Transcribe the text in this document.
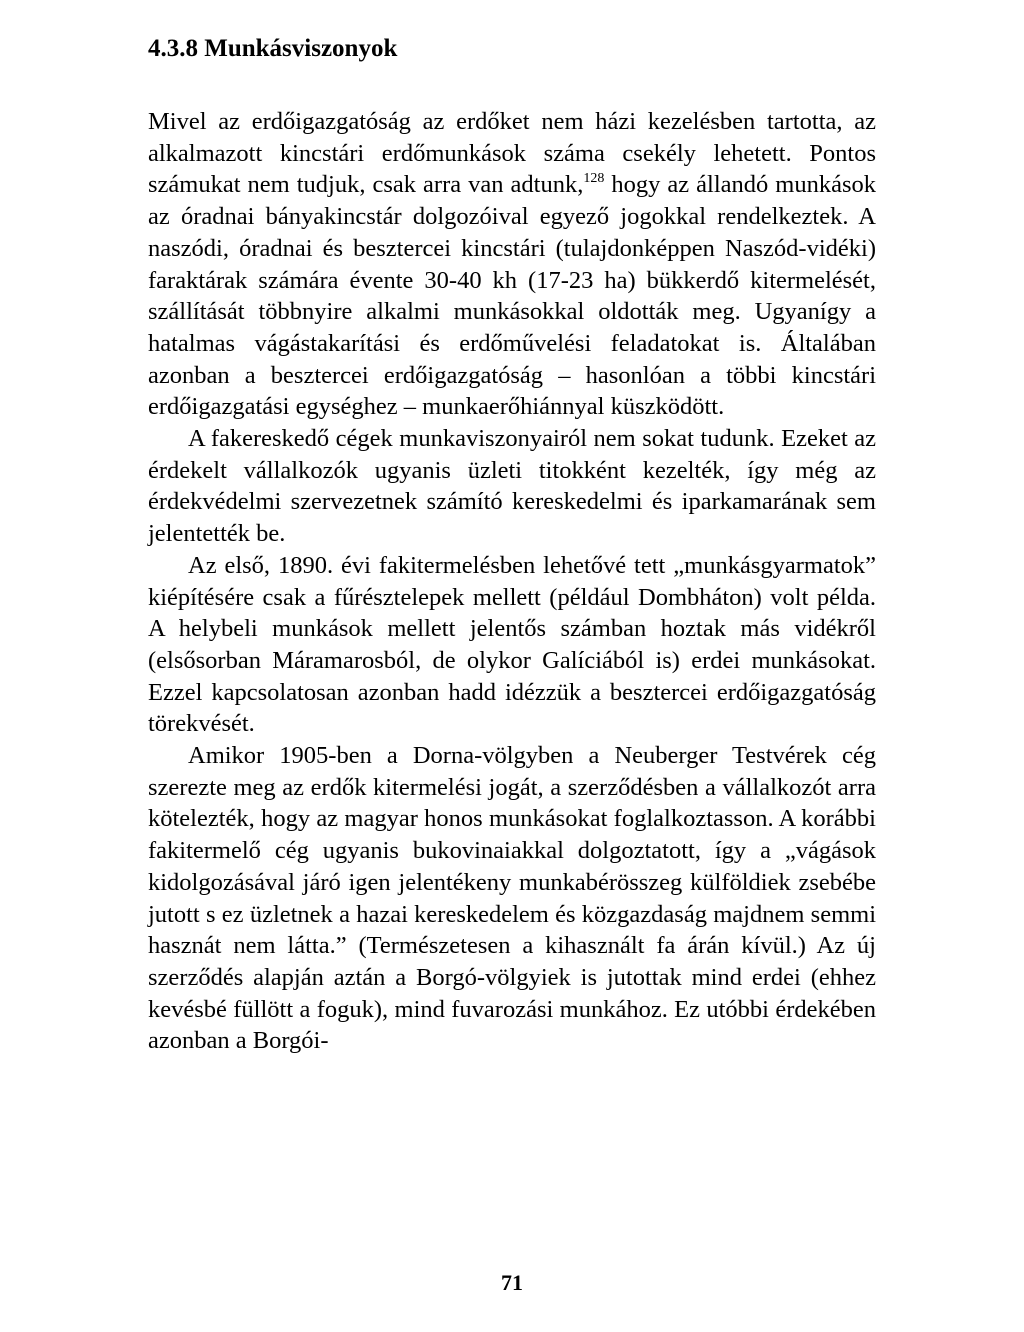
4.3.8 Munkásviszonyok

Mivel az erdőigazgatóság az erdőket nem házi kezelésben tartotta, az alkalmazott kincstári erdőmunkások száma csekély lehetett. Pontos számukat nem tudjuk, csak arra van adtunk,$^{128}$ hogy az állandó munkások az óradnai bányakincstár dolgozóival egyező jogokkal rendelkeztek. A naszódi, óradnai és besztercei kincstári (tulajdonképpen Naszód-vidéki) faraktárak számára évente 30-40 kh (17-23 ha) bükkerdő kitermelését, szállítását többnyire alkalmi munkásokkal oldották meg. Ugyanígy a hatalmas vágástakarítási és erdőművelési feladatokat is. Általában azonban a besztercei erdőigazgatóság – hasonlóan a többi kincstári erdőigazgatási egységhez – munkaerőhiánnyal küszködött.

A fakereskedő cégek munkaviszonyairól nem sokat tudunk. Ezeket az érdekelt vállalkozók ugyanis üzleti titokként kezelték, így még az érdekvédelmi szervezetnek számító kereskedelmi és iparkamarának sem jelentették be.

Az első, 1890. évi fakitermelésben lehetővé tett „munkásgyarmatok” kiépítésére csak a fűrésztelepek mellett (például Dombháton) volt példa. A helybeli munkások mellett jelentős számban hoztak más vidékről (elsősorban Máramarosból, de olykor Galíciából is) erdei munkásokat. Ezzel kapcsolatosan azonban hadd idézzük a besztercei erdőigazgatóság törekvését.

Amikor 1905-ben a Dorna-völgyben a Neuberger Testvérek cég szerezte meg az erdők kitermelési jogát, a szerződésben a vállalkozót arra kötelezték, hogy az magyar honos munkásokat foglalkoztasson. A korábbi fakitermelő cég ugyanis bukovinaiakkal dolgoztatott, így a „vágások kidolgozásával járó igen jelentékeny munkabérösszeg külföldiek zsebébe jutott s ez üzletnek a hazai kereskedelem és közgazdaság majdnem semmi hasznát nem látta.” (Természetesen a kihasznált fa árán kívül.) Az új szerződés alapján aztán a Borgó-völgyiek is jutottak mind erdei (ehhez kevésbé füllött a foguk), mind fuvarozási munkához. Ez utóbbi érdekében azonban a Borgói-

71
